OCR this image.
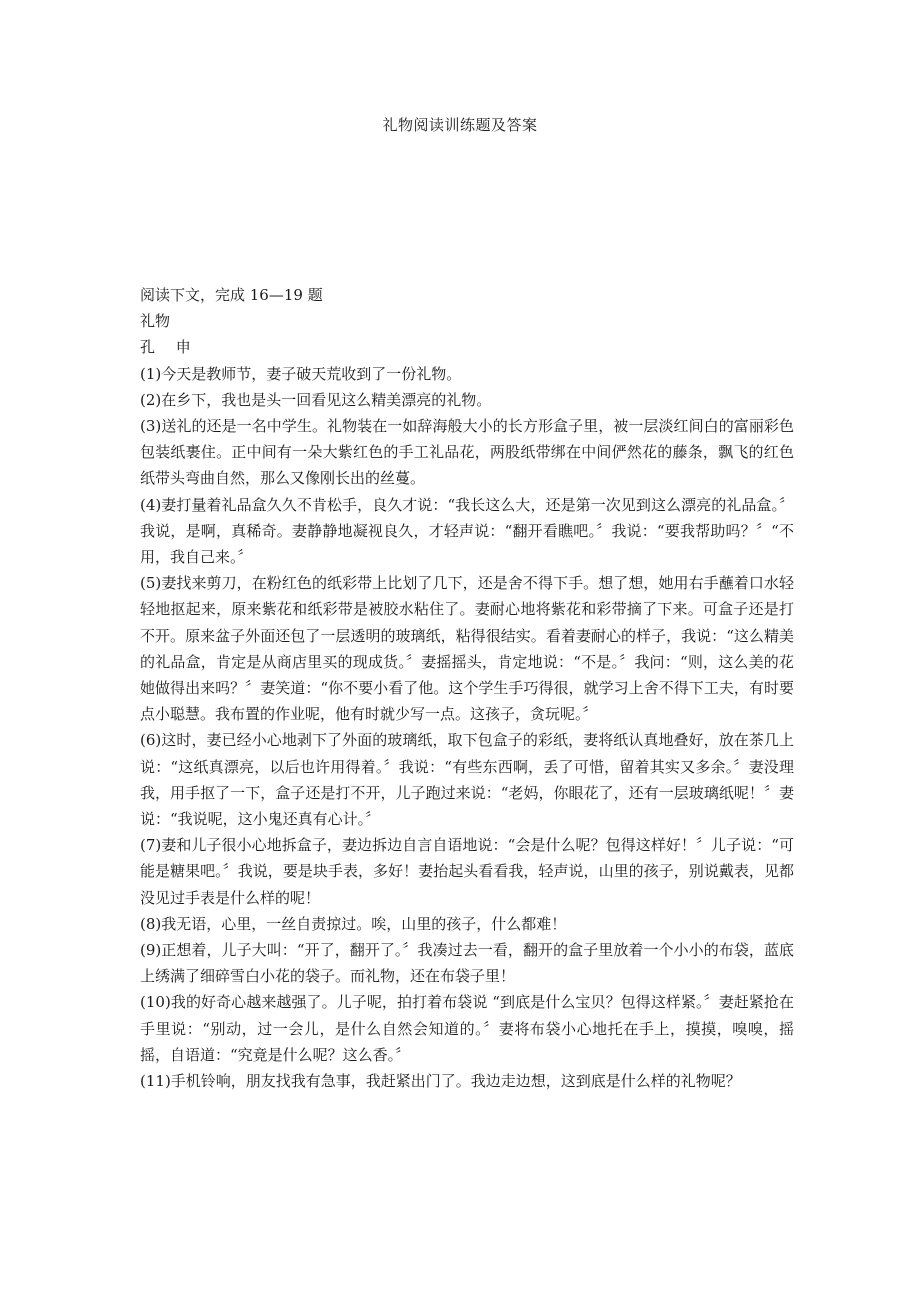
礼物阅读训练题及答案

阅读下文，完成 16—19 题

礼物

孔 申

(1)今天是教师节，妻子破天荒收到了一份礼物。

(2)在乡下，我也是头一回看见这么精美漂亮的礼物。

(3)送礼的还是一名中学生。礼物装在一如辞海般大小的长方形盒子里，被一层淡红间白的富丽彩色包装纸裹住。正中间有一朵大紫红色的手工礼品花，两股纸带绑在中间俨然花的藤条，飘飞的红色纸带头弯曲自然，那么又像刚长出的丝蔓。

(4)妻打量着礼品盒久久不肯松手，良久才说：“我长这么大，还是第一次见到这么漂亮的礼品盒。〞我说，是啊，真稀奇。妻静静地凝视良久，才轻声说：“翻开看瞧吧。〞我说：“要我帮助吗？〞“不用，我自己来。〞

(5)妻找来剪刀，在粉红色的纸彩带上比划了几下，还是舍不得下手。想了想，她用右手蘸着口水轻轻地抠起来，原来紫花和纸彩带是被胶水粘住了。妻耐心地将紫花和彩带摘了下来。可盒子还是打不开。原来盆子外面还包了一层透明的玻璃纸，粘得很结实。看着妻耐心的样子，我说：“这么精美的礼品盒，肯定是从商店里买的现成货。〞妻摇摇头，肯定地说：“不是。〞我问：“则，这么美的花她做得出来吗？〞妻笑道：“你不要小看了他。这个学生手巧得很，就学习上舍不得下工夫，有时要点小聪慧。我布置的作业呢，他有时就少写一点。这孩子，贪玩呢。〞

(6)这时，妻已经小心地剥下了外面的玻璃纸，取下包盒子的彩纸，妻将纸认真地叠好，放在茶几上说：“这纸真漂亮，以后也许用得着。〞我说：“有些东西啊，丢了可惜，留着其实又多余。〞妻没理我，用手抠了一下，盒子还是打不开，儿子跑过来说：“老妈，你眼花了，还有一层玻璃纸呢！〞妻说：“我说呢，这小鬼还真有心计。〞

(7)妻和儿子很小心地拆盒子，妻边拆边自言自语地说：“会是什么呢？包得这样好！〞儿子说：“可能是糖果吧。〞我说，要是块手表，多好！妻抬起头看看我，轻声说，山里的孩子，别说戴表，见都没见过手表是什么样的呢！

(8)我无语，心里，一丝自责掠过。唉，山里的孩子，什么都难！

(9)正想着，儿子大叫：“开了，翻开了。〞我凑过去一看，翻开的盒子里放着一个小小的布袋，蓝底上绣满了细碎雪白小花的袋子。而礼物，还在布袋子里！

(10)我的好奇心越来越强了。儿子呢，拍打着布袋说 “到底是什么宝贝？包得这样紧。〞妻赶紧抢在手里说：“别动，过一会儿，是什么自然会知道的。〞妻将布袋小心地托在手上，摸摸，嗅嗅，摇摇，自语道：“究竟是什么呢？这么香。〞

(11)手机铃响，朋友找我有急事，我赶紧出门了。我边走边想，这到底是什么样的礼物呢？
